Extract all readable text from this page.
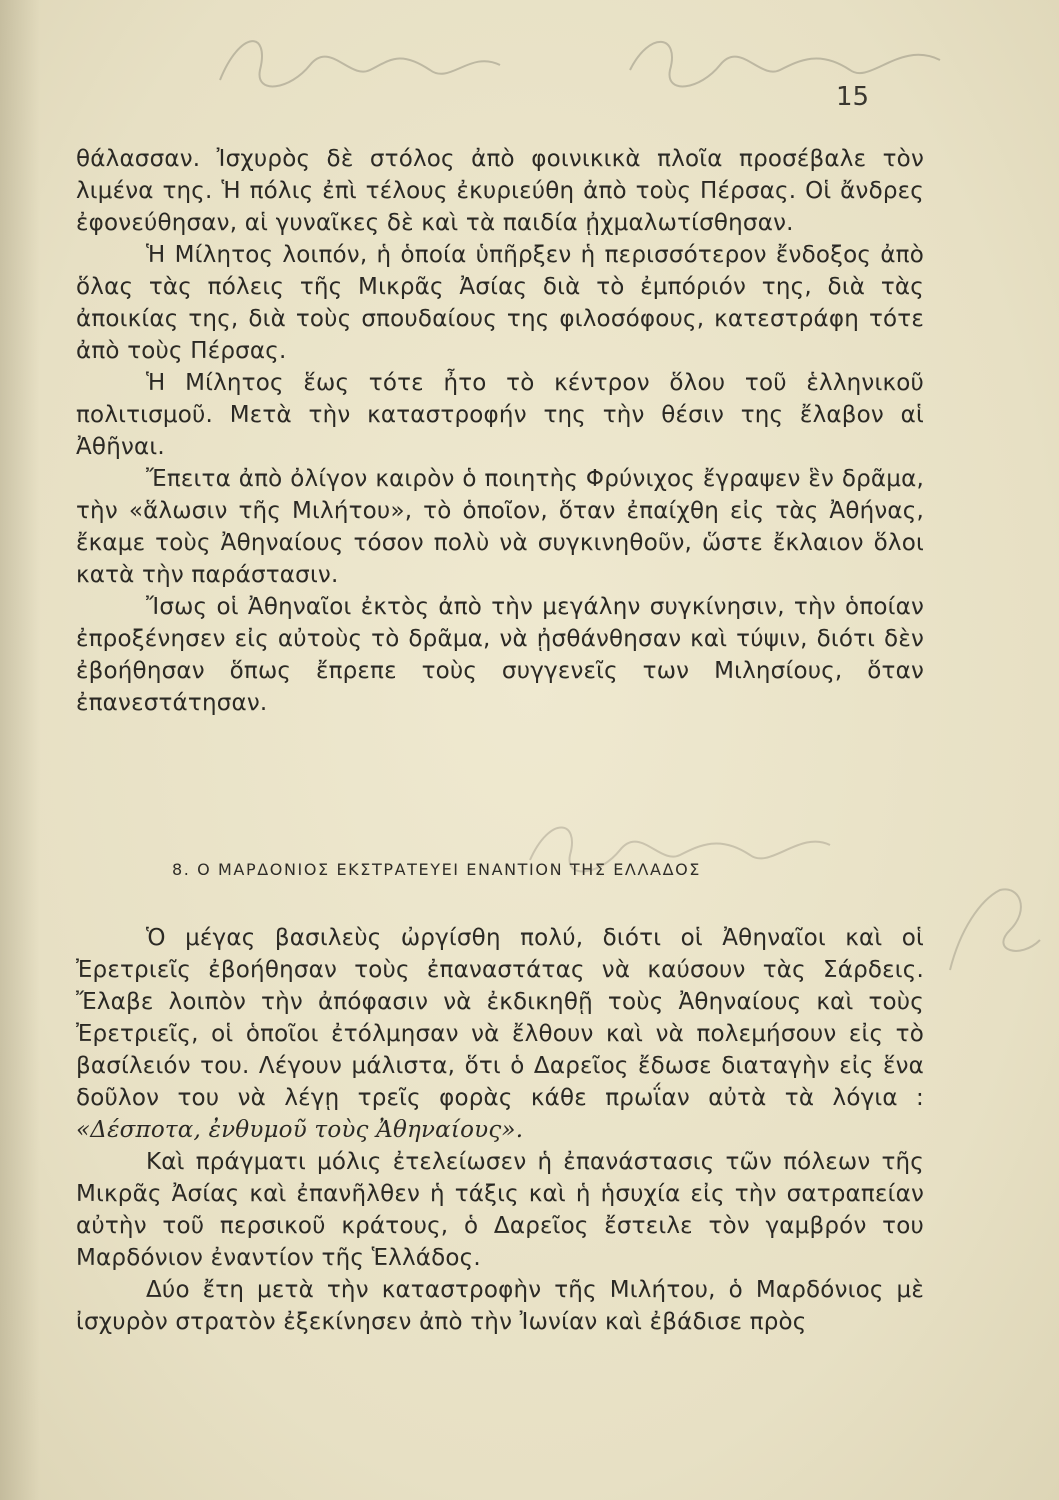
15

θάλασσαν. Ἰσχυρὸς δὲ στόλος ἀπὸ φοινικικὰ πλοῖα προσέβαλε τὸν λιμένα της. Ἡ πόλις ἐπὶ τέλους ἐκυριεύθη ἀπὸ τοὺς Πέρσας. Οἱ ἄνδρες ἐφονεύθησαν, αἱ γυναῖκες δὲ καὶ τὰ παιδία ᾐχμαλωτίσθησαν.

Ἡ Μίλητος λοιπόν, ἡ ὁποία ὑπῆρξεν ἡ περισσότερον ἔνδοξος ἀπὸ ὅλας τὰς πόλεις τῆς Μικρᾶς Ἀσίας διὰ τὸ ἐμπόριόν της, διὰ τὰς ἀποικίας της, διὰ τοὺς σπουδαίους της φιλοσόφους, κατεστράφη τότε ἀπὸ τοὺς Πέρσας.

Ἡ Μίλητος ἕως τότε ἦτο τὸ κέντρον ὅλου τοῦ ἑλληνικοῦ πολιτισμοῦ. Μετὰ τὴν καταστροφήν της τὴν θέσιν της ἔλαβον αἱ Ἀθῆναι.

Ἔπειτα ἀπὸ ὀλίγον καιρὸν ὁ ποιητὴς Φρύνιχος ἔγραψεν ἓν δρᾶμα, τὴν «ἅλωσιν τῆς Μιλήτου», τὸ ὁποῖον, ὅταν ἐπαίχθη εἰς τὰς Ἀθήνας, ἔκαμε τοὺς Ἀθηναίους τόσον πολὺ νὰ συγκινηθοῦν, ὥστε ἔκλαιον ὅλοι κατὰ τὴν παράστασιν.

Ἴσως οἱ Ἀθηναῖοι ἐκτὸς ἀπὸ τὴν μεγάλην συγκίνησιν, τὴν ὁποίαν ἐπροξένησεν εἰς αὐτοὺς τὸ δρᾶμα, νὰ ᾐσθάνθησαν καὶ τύψιν, διότι δὲν ἐβοήθησαν ὅπως ἔπρεπε τοὺς συγγενεῖς των Μιλησίους, ὅταν ἐπανεστάτησαν.

8. Ο ΜΑΡΔΟΝΙΟΣ ΕΚΣΤΡΑΤΕΥΕΙ ΕΝΑΝΤΙΟΝ ΤΗΣ ΕΛΛΑΔΟΣ

Ὁ μέγας βασιλεὺς ὠργίσθη πολύ, διότι οἱ Ἀθηναῖοι καὶ οἱ Ἐρετριεῖς ἐβοήθησαν τοὺς ἐπαναστάτας νὰ καύσουν τὰς Σάρδεις. Ἔλαβε λοιπὸν τὴν ἀπόφασιν νὰ ἐκδικηθῇ τοὺς Ἀθηναίους καὶ τοὺς Ἐρετριεῖς, οἱ ὁποῖοι ἐτόλμησαν νὰ ἔλθουν καὶ νὰ πολεμήσουν εἰς τὸ βασίλειόν του. Λέγουν μάλιστα, ὅτι ὁ Δαρεῖος ἔδωσε διαταγὴν εἰς ἕνα δοῦλον του νὰ λέγῃ τρεῖς φορὰς κάθε πρωΐαν αὐτὰ τὰ λόγια : «Δέσποτα, ἐνθυμοῦ τοὺς Ἀθηναίους».

Καὶ πράγματι μόλις ἐτελείωσεν ἡ ἐπανάστασις τῶν πόλεων τῆς Μικρᾶς Ἀσίας καὶ ἐπανῆλθεν ἡ τάξις καὶ ἡ ἡσυχία εἰς τὴν σατραπείαν αὐτὴν τοῦ περσικοῦ κράτους, ὁ Δαρεῖος ἔστειλε τὸν γαμβρόν του Μαρδόνιον ἐναντίον τῆς Ἑλλάδος.

Δύο ἔτη μετὰ τὴν καταστροφὴν τῆς Μιλήτου, ὁ Μαρδόνιος μὲ ἰσχυρὸν στρατὸν ἐξεκίνησεν ἀπὸ τὴν Ἰωνίαν καὶ ἐβάδισε πρὸς
